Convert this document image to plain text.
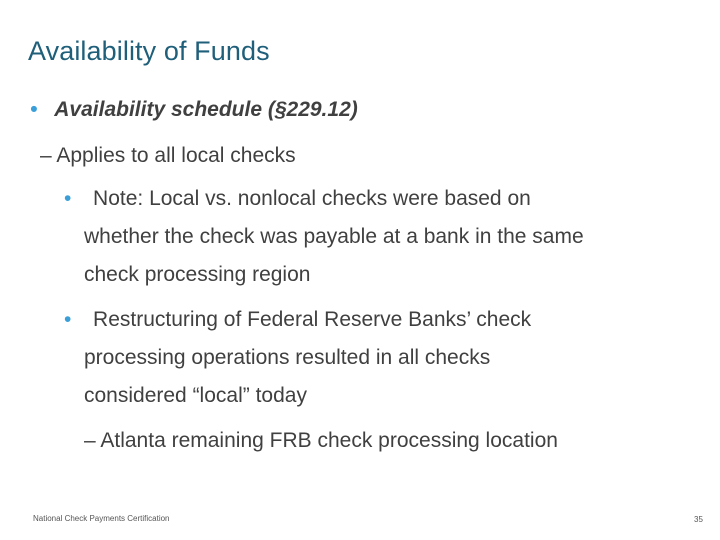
Availability of Funds
• Availability schedule (§229.12)
– Applies to all local checks
• Note: Local vs. nonlocal checks were based on
whether the check was payable at a bank in the same
check processing region
• Restructuring of Federal Reserve Banks’ check
processing operations resulted in all checks
considered “local” today
– Atlanta remaining FRB check processing location
National Check Payments Certification	35
